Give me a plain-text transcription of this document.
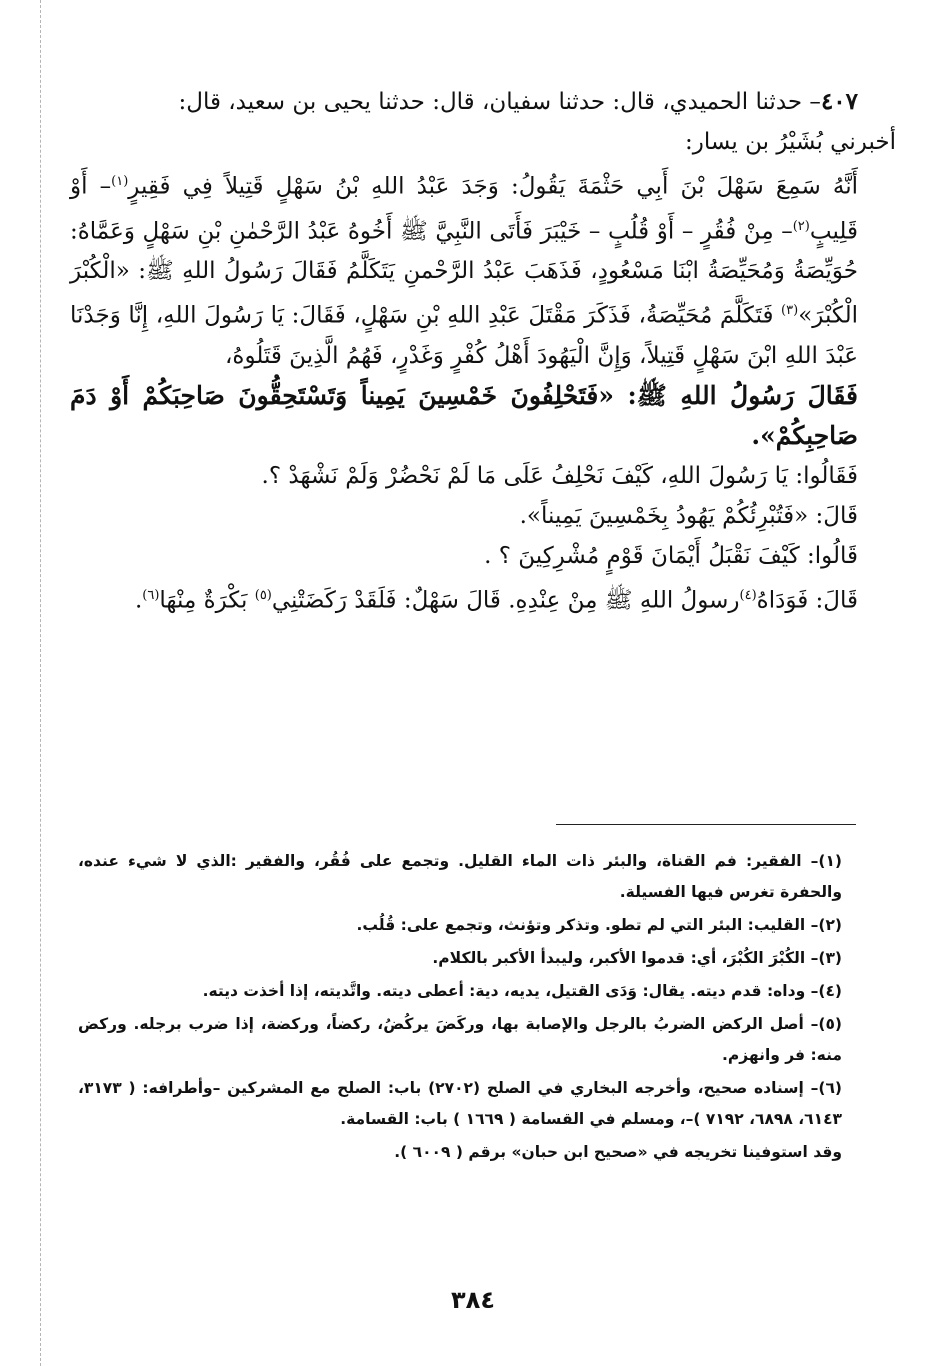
٤٠٧– حدثنا الحميدي، قال: حدثنا سفيان، قال: حدثنا يحيى بن سعيد، قال:

أخبرني بُشَيْرُ بن يسار:

أَنَّهُ سَمِعَ سَهْلَ بْنَ أَبِي حَثْمَةَ يَقُولُ: وَجَدَ عَبْدُ اللهِ بْنُ سَهْلٍ قَتِيلاً فِي فَقِيرٍ$^{(١)}$– أَوْ قَلِيبٍ$^{(٢)}$– مِنْ فُقُرٍ – أَوْ قُلُبٍ – خَيْبَرَ فَأَتَى النَّبِيَّ ﷺ أَخُوهُ عَبْدُ الرَّحْمٰنِ بْنِ سَهْلٍ وَعَمَّاهُ: حُوَيِّصَةُ وَمُحَيِّصَةُ ابْنَا مَسْعُودٍ، فَذَهَبَ عَبْدُ الرَّحْمنِ يَتَكَلَّمُ فَقَالَ رَسُولُ اللهِ ﷺ: «الْكُبْرَ الْكُبْرَ»$^{(٣)}$ فَتَكَلَّمَ مُحَيِّصَةُ، فَذَكَرَ مَقْتَلَ عَبْدِ اللهِ بْنِ سَهْلٍ، فَقَالَ: يَا رَسُولَ اللهِ، إِنَّا وَجَدْنَا عَبْدَ اللهِ ابْنَ سَهْلٍ قَتِيلاً، وَإِنَّ الْيَهُودَ أَهْلُ كُفْرٍ وَغَدْرٍ، فَهُمُ الَّذِينَ قَتَلُوهُ،

فَقَالَ رَسُولُ اللهِ ﷺ: «فَتَحْلِفُونَ خَمْسِينَ يَمِيناً وَتَسْتَحِقُّونَ صَاحِبَكُمْ أَوْ دَمَ صَاحِبِكُمْ».

فَقَالُوا: يَا رَسُولَ اللهِ، كَيْفَ نَحْلِفُ عَلَى مَا لَمْ نَحْضُرْ وَلَمْ نَشْهَدْ ؟.

قَالَ: «فَتُبْرِئُكُمْ يَهُودُ بِخَمْسِينَ يَمِيناً».

قَالُوا: كَيْفَ نَقْبَلُ أَيْمَانَ قَوْمٍ مُشْرِكِينَ ؟ .

قَالَ: فَوَدَاهُ$^{(٤)}$رسولُ اللهِ ﷺ مِنْ عِنْدِهِ. قَالَ سَهْلٌ: فَلَقَدْ رَكَضَتْنِي$^{(٥)}$ بَكْرَةٌ مِنْهَا$^{(٦)}$.

(١)– الفقير: فم القناة، والبئر ذات الماء القليل. وتجمع على فُقُر، والفقير :الذي لا شيء عنده، والحفرة تغرس فيها الفسيلة.

(٢)– القليب: البئر التي لم تطو. وتذكر وتؤنث، وتجمع على: قُلُب.

(٣)– الكُبْرَ الكُبْرَ، أي: قدموا الأكبر، وليبدأ الأكبر بالكلام.

(٤)– وداه: قدم ديته. يقال: وَدَى القتيل، يديه، دية: أعطى ديته. واتَّديته، إذا أخذت ديته.

(٥)– أصل الركض الضربُ بالرجل والإصابة بها، وركَضَ يركُضُ، ركضاً، وركضة، إذا ضرب برجله. وركض منه: فر وانهزم.

(٦)– إسناده صحيح، وأخرجه البخاري في الصلح (٢٧٠٢) باب: الصلح مع المشركين –وأطرافه: ( ٣١٧٣، ٦١٤٣، ٦٨٩٨، ٧١٩٢ )–، ومسلم في القسامة ( ١٦٦٩ ) باب: القسامة.

وقد استوفينا تخريجه في «صحيح ابن حبان» برقم ( ٦٠٠٩ ).

٣٨٤
